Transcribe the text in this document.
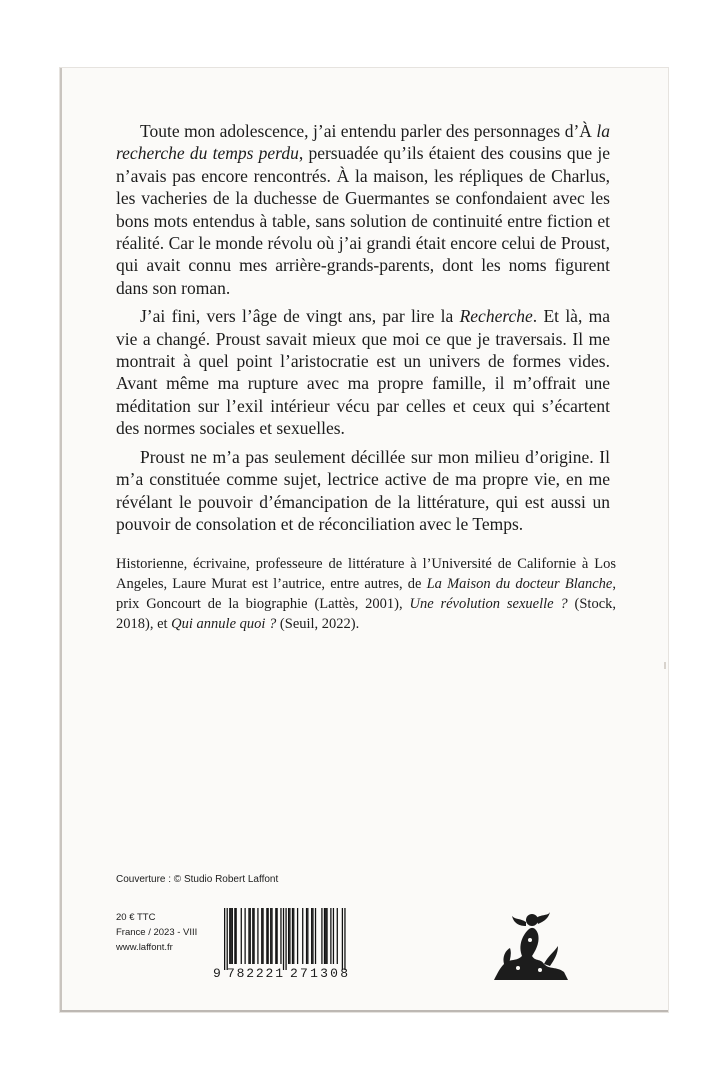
Toute mon adolescence, j’ai entendu parler des personnages d’À la recherche du temps perdu, persuadée qu’ils étaient des cousins que je n’avais pas encore rencontrés. À la maison, les répliques de Charlus, les vacheries de la duchesse de Guermantes se confondaient avec les bons mots entendus à table, sans solution de continuité entre fiction et réalité. Car le monde révolu où j’ai grandi était encore celui de Proust, qui avait connu mes arrière-grands-parents, dont les noms figurent dans son roman.

J’ai fini, vers l’âge de vingt ans, par lire la Recherche. Et là, ma vie a changé. Proust savait mieux que moi ce que je traversais. Il me montrait à quel point l’aristocratie est un univers de formes vides. Avant même ma rupture avec ma propre famille, il m’offrait une méditation sur l’exil intérieur vécu par celles et ceux qui s’écartent des normes sociales et sexuelles.

Proust ne m’a pas seulement décillée sur mon milieu d’origine. Il m’a constituée comme sujet, lectrice active de ma propre vie, en me révélant le pouvoir d’émancipation de la littérature, qui est aussi un pouvoir de consolation et de réconciliation avec le Temps.

Historienne, écrivaine, professeure de littérature à l’Université de Californie à Los Angeles, Laure Murat est l’autrice, entre autres, de La Maison du docteur Blanche, prix Goncourt de la biographie (Lattès, 2001), Une révolution sexuelle ? (Stock, 2018), et Qui annule quoi ? (Seuil, 2022).

Couverture : © Studio Robert Laffont
20 € TTC
France / 2023 - VIII
www.laffont.fr
9 782221 271308
